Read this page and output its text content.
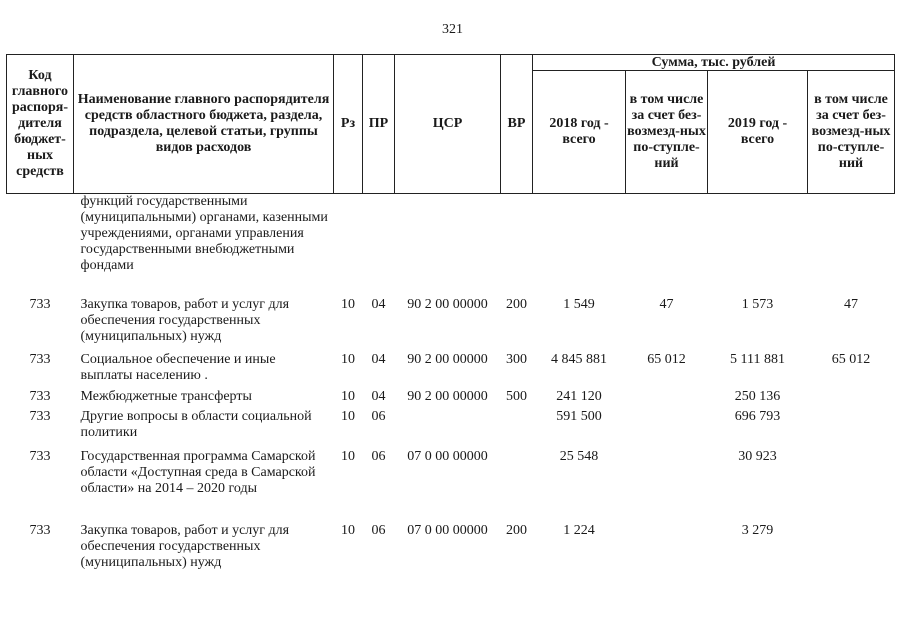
321
Код главного распоря-дителя бюджет-ных средств	Наименование главного распорядителя средств областного бюджета, раздела, подраздела, целевой статьи, группы видов расходов	Рз	ПР	ЦСР	ВР	Сумма, тыс. рублей			
						2018 год - всего	в том числе за счет без-возмезд-ных по-ступле-ний	2019 год - всего	в том числе за счет без-возмезд-ных по-ступле-ний
	функций государственными (муниципальными) органами, казенными учреждениями, органами управления государственными внебюджетными фондами								
733	Закупка товаров, работ и услуг для обеспечения государственных (муниципальных) нужд	10	04	90 2 00 00000	200	1 549	47	1 573	47
733	Социальное обеспечение и иные выплаты населению .	10	04	90 2 00 00000	300	4 845 881	65 012	5 111 881	65 012
733	Межбюджетные трансферты	10	04	90 2 00 00000	500	241 120		250 136	
733	Другие вопросы в области социальной политики	10	06			591 500		696 793	
733	Государственная программа Самарской области «Доступная среда в Самарской области» на 2014 – 2020 годы	10	06	07 0 00 00000		25 548		30 923	
733	Закупка товаров, работ и услуг для обеспечения государственных (муниципальных) нужд	10	06	07 0 00 00000	200	1 224		3 279	
